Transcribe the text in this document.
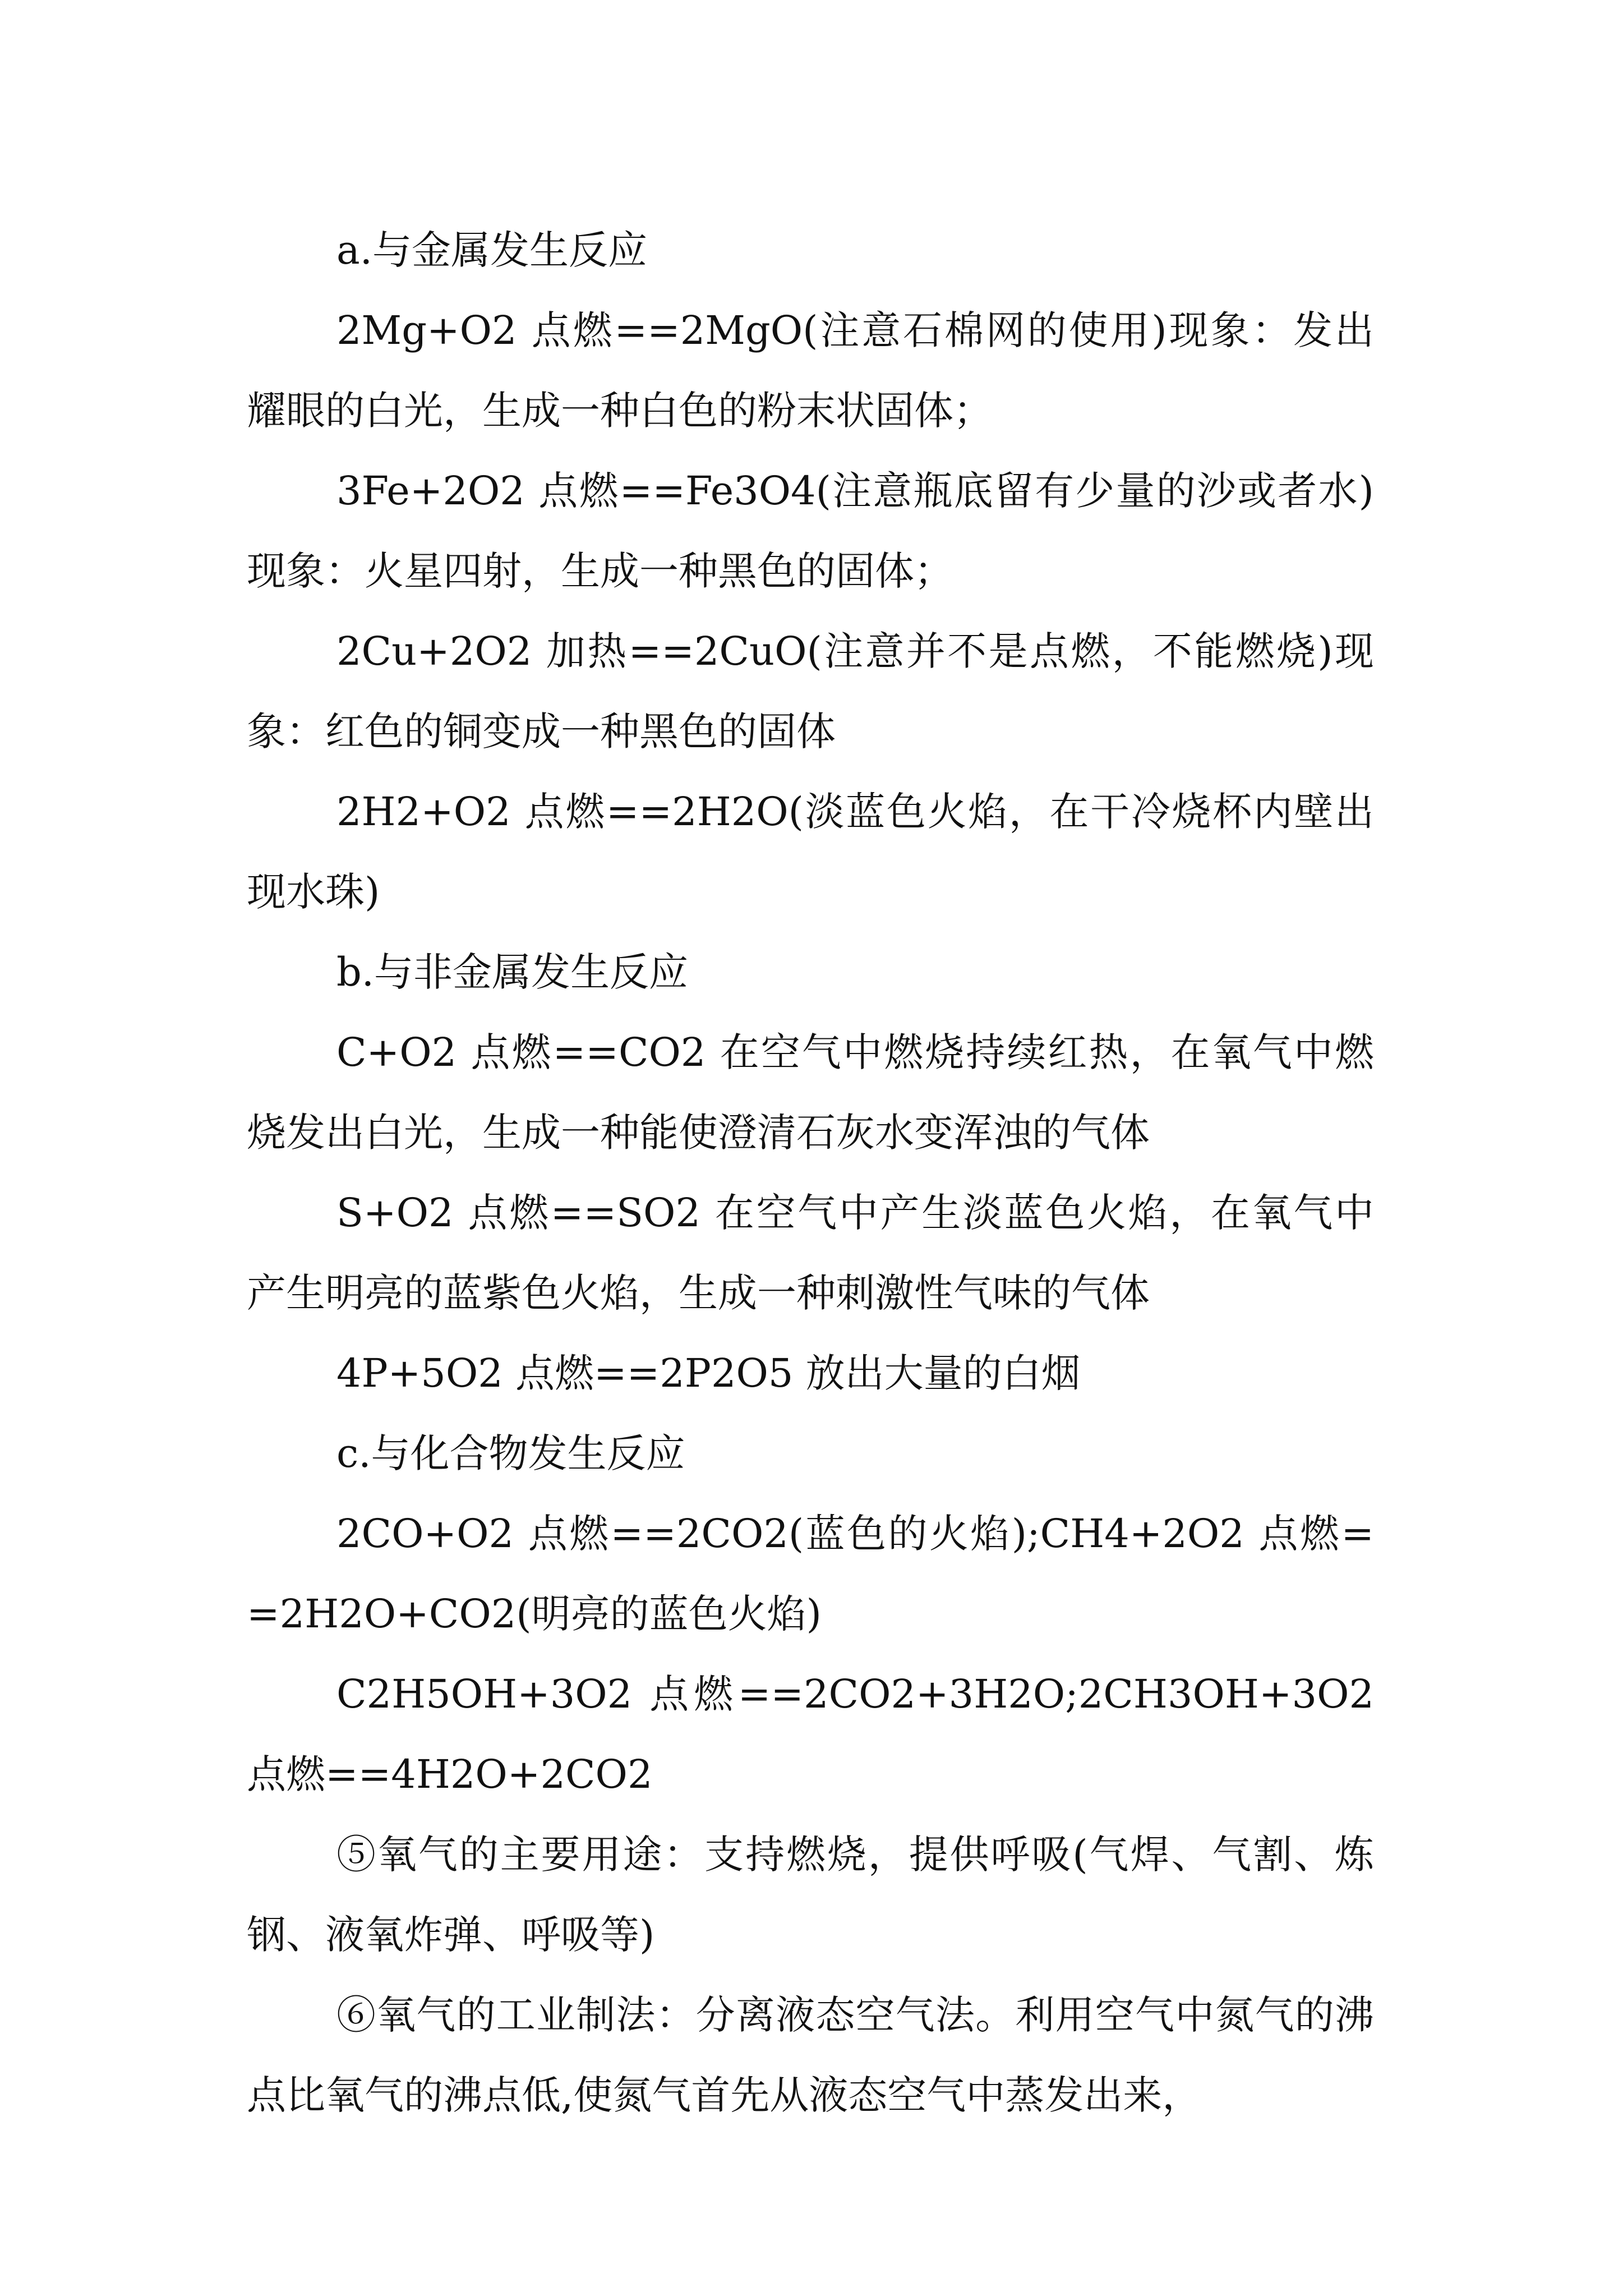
a.与金属发生反应

2Mg+O2 点燃==2MgO(注意石棉网的使用)现象：发出耀眼的白光，生成一种白色的粉末状固体；

3Fe+2O2 点燃==Fe3O4(注意瓶底留有少量的沙或者水)现象：火星四射，生成一种黑色的固体；

2Cu+2O2 加热==2CuO(注意并不是点燃，不能燃烧)现象：红色的铜变成一种黑色的固体

2H2+O2 点燃==2H2O(淡蓝色火焰，在干冷烧杯内壁出现水珠)

b.与非金属发生反应

C+O2 点燃==CO2 在空气中燃烧持续红热，在氧气中燃烧发出白光，生成一种能使澄清石灰水变浑浊的气体

S+O2 点燃==SO2 在空气中产生淡蓝色火焰，在氧气中产生明亮的蓝紫色火焰，生成一种刺激性气味的气体

4P+5O2 点燃==2P2O5 放出大量的白烟

c.与化合物发生反应

2CO+O2 点燃==2CO2(蓝色的火焰);CH4+2O2 点燃==2H2O+CO2(明亮的蓝色火焰)

C2H5OH+3O2 点燃==2CO2+3H2O;2CH3OH+3O2 点燃==4H2O+2CO2

⑤氧气的主要用途：支持燃烧，提供呼吸(气焊、气割、炼钢、液氧炸弹、呼吸等)

⑥氧气的工业制法：分离液态空气法。利用空气中氮气的沸点比氧气的沸点低,使氮气首先从液态空气中蒸发出来，
